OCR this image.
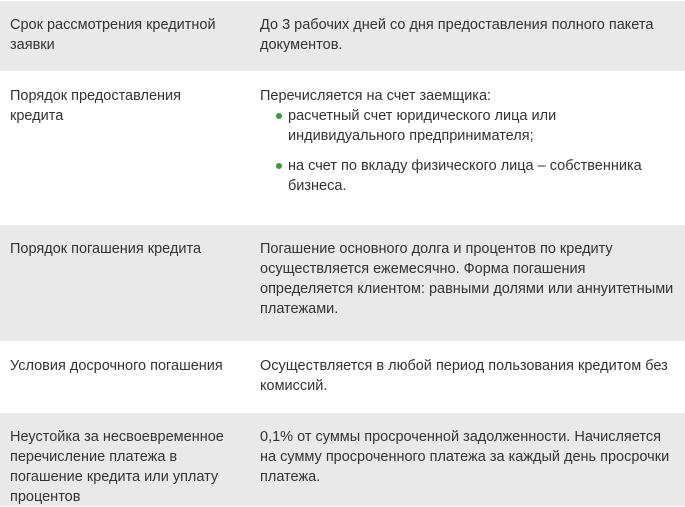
Срок рассмотрения кредитной заявки
До 3 рабочих дней со дня предоставления полного пакета документов.
Порядок предоставления кредита
Перечисляется на счет заемщика:
расчетный счет юридического лица или индивидуального предпринимателя;
на счет по вкладу физического лица – собственника бизнеса.
Порядок погашения кредита	Погашение основного долга и процентов по кредиту осуществляется ежемесячно. Форма погашения определяется клиентом: равными долями или аннуитетными платежами.
Условия досрочного погашения	Осуществляется в любой период пользования кредитом без комиссий.
Неустойка за несвоевременное перечисление платежа в погашение кредита или уплату процентов
0,1% от суммы просроченной задолженности. Начисляется на сумму просроченного платежа за каждый день просрочки платежа.
